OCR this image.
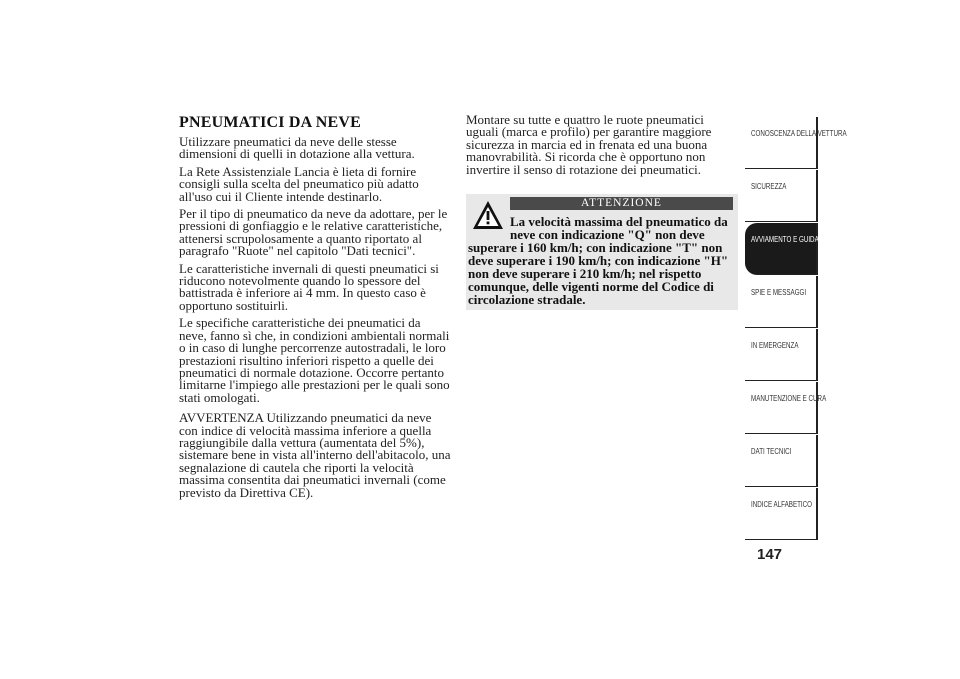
PNEUMATICI DA NEVE

Utilizzare pneumatici da neve delle stesse dimensioni di quelli in dotazione alla vettura.

La Rete Assistenziale Lancia è lieta di fornire consigli sulla scelta del pneumatico più adatto all'uso cui il Cliente intende destinarlo.

Per il tipo di pneumatico da neve da adottare, per le pressioni di gonfiaggio e le relative caratteristiche, attenersi scrupolosamente a quanto riportato al paragrafo "Ruote" nel capitolo "Dati tecnici".

Le caratteristiche invernali di questi pneumatici si riducono notevolmente quando lo spessore del battistrada è inferiore ai 4 mm. In questo caso è opportuno sostituirli.

Le specifiche caratteristiche dei pneumatici da neve, fanno sì che, in condizioni ambientali normali o in caso di lunghe percorrenze autostradali, le loro prestazioni risultino inferiori rispetto a quelle dei pneumatici di normale dotazione. Occorre pertanto limitarne l'impiego alle prestazioni per le quali sono stati omologati.

AVVERTENZA Utilizzando pneumatici da neve con indice di velocità massima inferiore a quella raggiungibile dalla vettura (aumentata del 5%), sistemare bene in vista all'interno dell'abitacolo, una segnalazione di cautela che riporti la velocità massima consentita dai pneumatici invernali (come previsto da Direttiva CE).

Montare su tutte e quattro le ruote pneumatici uguali (marca e profilo) per garantire maggiore sicurezza in marcia ed in frenata ed una buona manovrabilità. Si ricorda che è opportuno non invertire il senso di rotazione dei pneumatici.

ATTENZIONE
La velocità massima del pneumatico da neve con indicazione "Q" non deve
superare i 160 km/h; con indicazione "T" non deve superare i 190 km/h; con indicazione "H" non deve superare i 210 km/h; nel rispetto comunque, delle vigenti norme del Codice di circolazione stradale.
CONOSCENZA DELLA VETTURA
SICUREZZA
AVVIAMENTO E GUIDA
SPIE E MESSAGGI
IN EMERGENZA
MANUTENZIONE E CURA
DATI TECNICI
INDICE ALFABETICO
147
